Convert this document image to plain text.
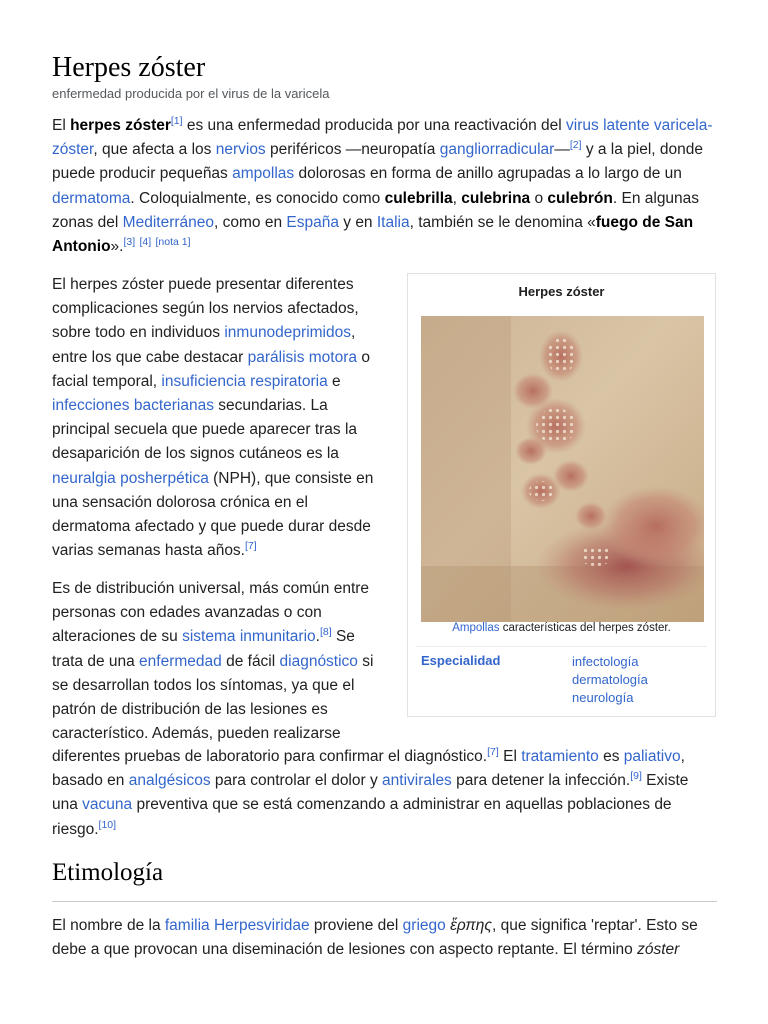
Herpes zóster
enfermedad producida por el virus de la varicela

El herpes zóster[1] es una enfermedad producida por una reactivación del virus latente varicela-zóster, que afecta a los nervios periféricos —neuropatía gangliorradicular—[2] y a la piel, donde puede producir pequeñas ampollas dolorosas en forma de anillo agrupadas a lo largo de un dermatoma. Coloquialmente, es conocido como culebrilla, culebrina o culebrón. En algunas zonas del Mediterráneo, como en España y en Italia, también se le denomina «fuego de San Antonio».[3] [4] [nota 1]

El herpes zóster puede presentar diferentes complicaciones según los nervios afectados, sobre todo en individuos inmunodeprimidos, entre los que cabe destacar parálisis motora o facial temporal, insuficiencia respiratoria e infecciones bacterianas secundarias. La principal secuela que puede aparecer tras la desaparición de los signos cutáneos es la neuralgia posherpética (NPH), que consiste en una sensación dolorosa crónica en el dermatoma afectado y que puede durar desde varias semanas hasta años.[7]

Es de distribución universal, más común entre personas con edades avanzadas o con alteraciones de su sistema inmunitario.[8] Se trata de una enfermedad de fácil diagnóstico si se desarrollan todos los síntomas, ya que el patrón de distribución de las lesiones es característico. Además, pueden realizarse

diferentes pruebas de laboratorio para confirmar el diagnóstico.[7] El tratamiento es paliativo, basado en analgésicos para controlar el dolor y antivirales para detener la infección.[9] Existe una vacuna preventiva que se está comenzando a administrar en aquellas poblaciones de riesgo.[10]

Herpes zóster
Ampollas características del herpes zóster.
Especialidad	infectología
dermatología
neurología
Etimología

El nombre de la familia Herpesviridae proviene del griego ἕρπης, que significa 'reptar'. Esto se debe a que provocan una diseminación de lesiones con aspecto reptante. El término zóster
